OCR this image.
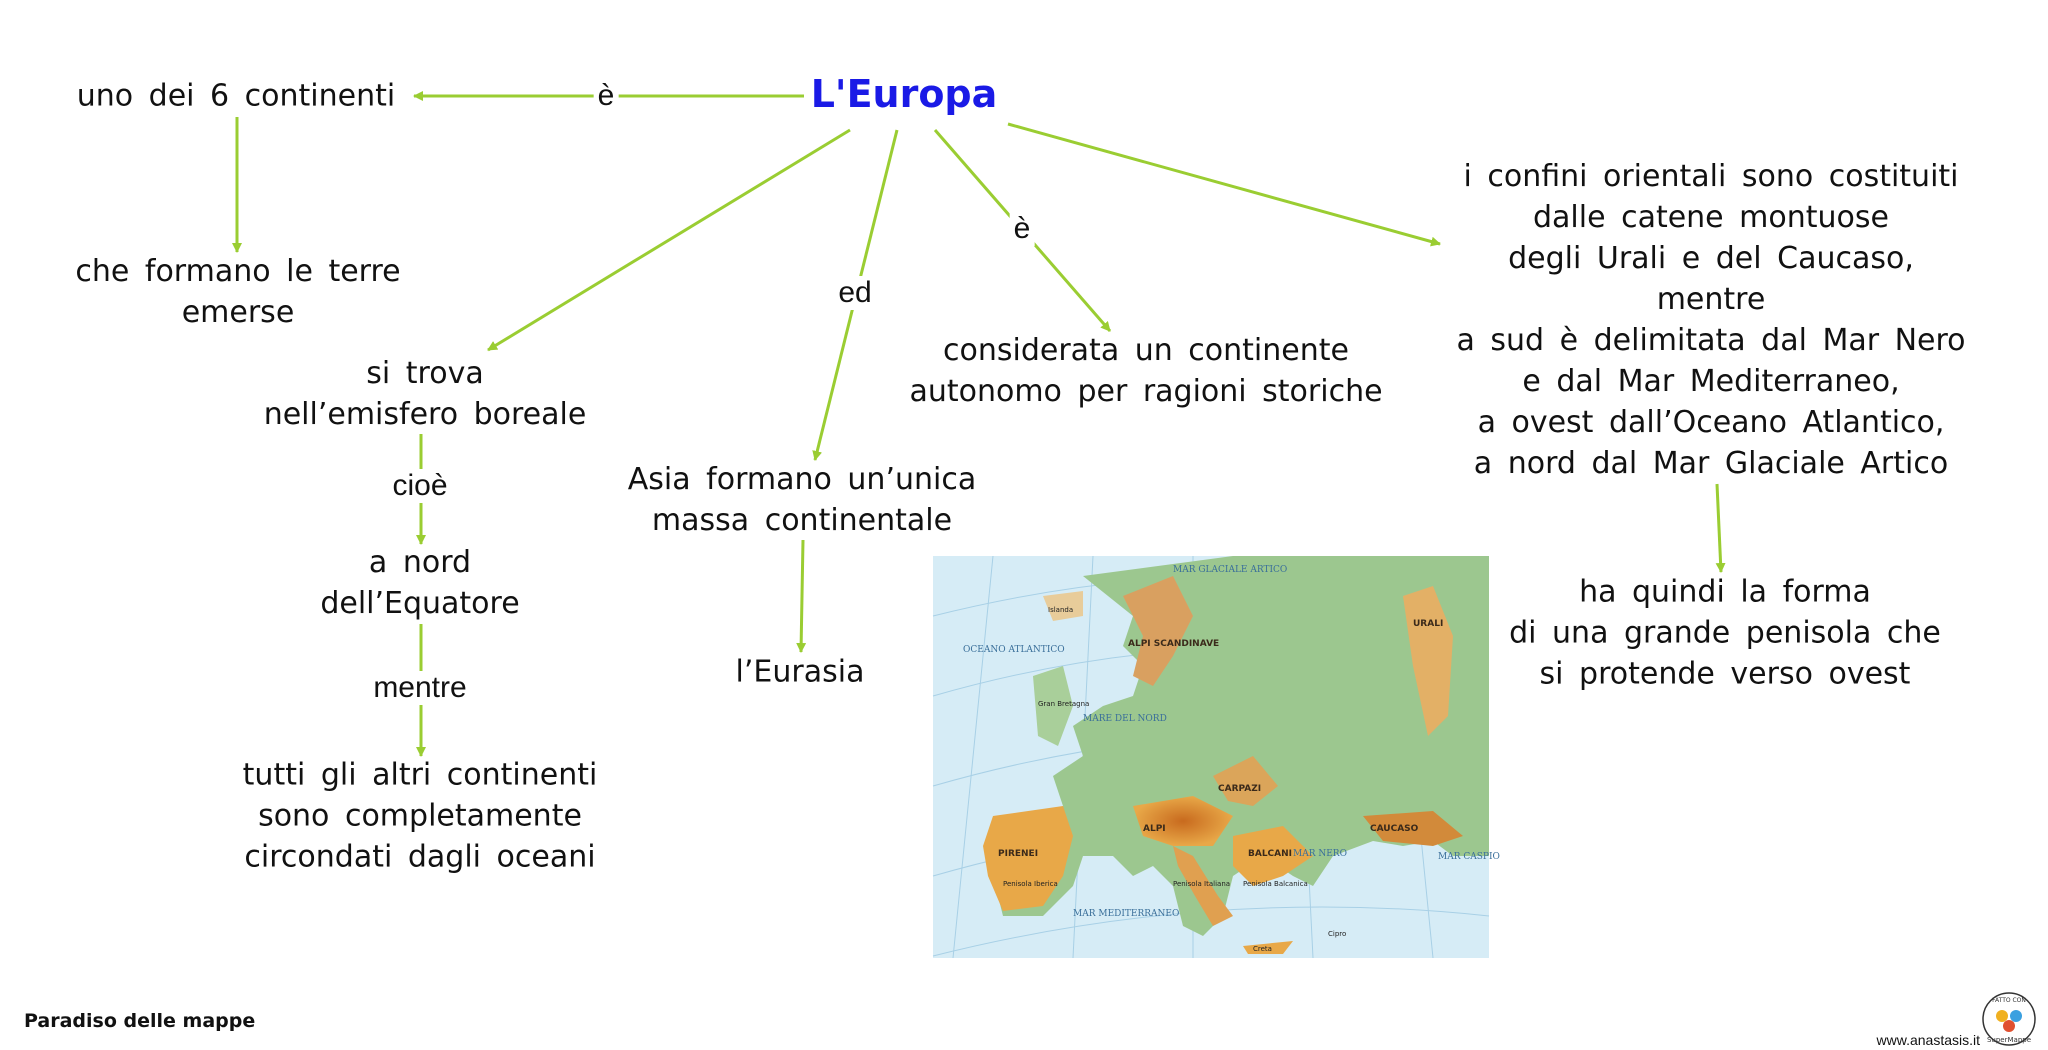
L'Europa
è
ed
è
cioè
mentre
uno dei 6 continenti
che formano le terre
emerse
si trova
nell’emisfero boreale
a nord
dell’Equatore
tutti gli altri continenti
sono completamente
circondati dagli oceani
Asia formano un’unica
massa continentale
l’Eurasia
considerata un continente
autonomo per ragioni storiche
i confini orientali sono costituiti
dalle catene montuose
degli Urali e del Caucaso,
mentre
a sud è delimitata dal Mar Nero
e dal Mar Mediterraneo,
a ovest dall’Oceano Atlantico,
a nord dal Mar Glaciale Artico
ha quindi la forma
di una grande penisola che
si protende verso ovest
MAR GLACIALE ARTICO
OCEANO ATLANTICO
MARE DEL NORD
MAR NERO
MAR MEDITERRANEO
MAR CASPIO
ALPI SCANDINAVE
URALI
ALPI
PIRENEI
CARPAZI
BALCANI
CAUCASO
Islanda
Gran Bretagna
Penisola Iberica	Penisola Italiana Penisola Balcanica
Creta
Cipro
Paradiso delle mappe
www.anastasis.it
FATTO CON
SuperMappe
